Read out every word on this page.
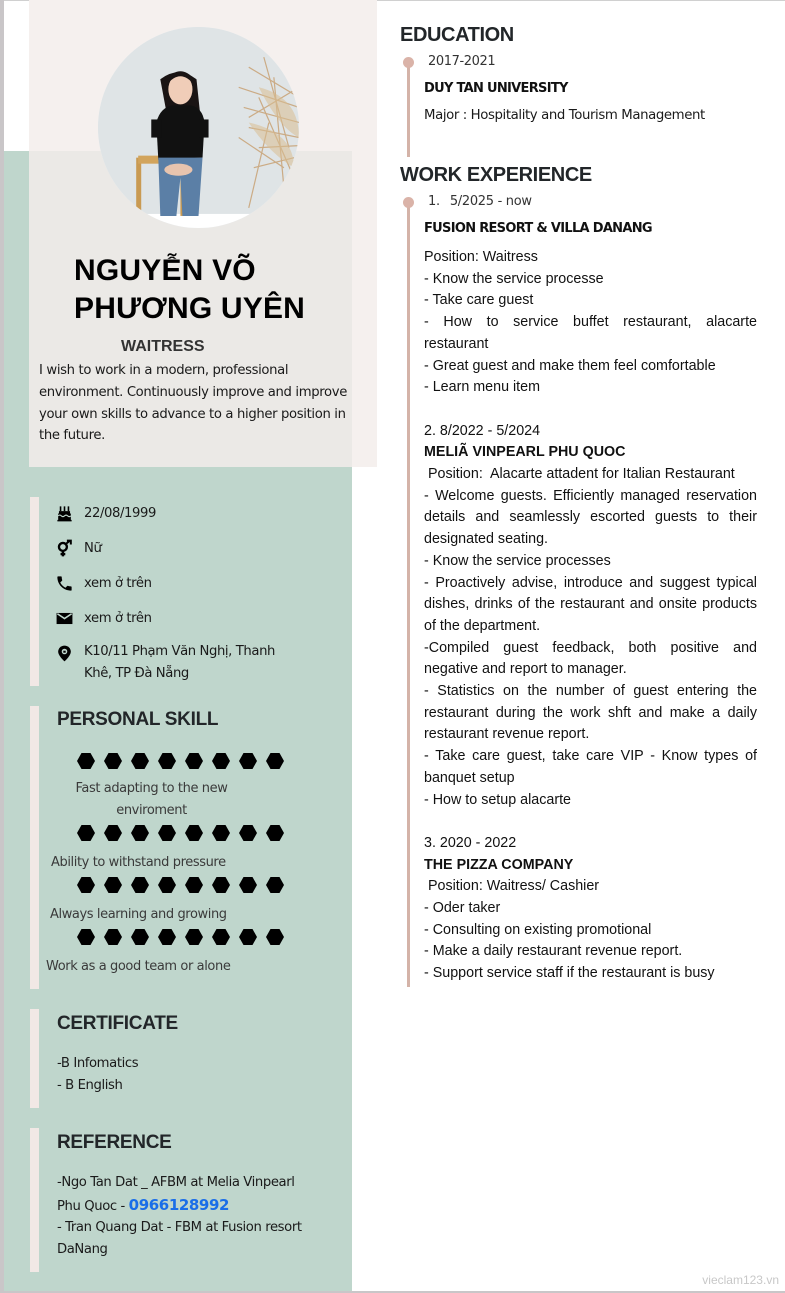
NGUYỄN VÕ
PHƯƠNG UYÊN
WAITRESS
I wish to work in a modern, professional environment. Continuously improve and improve your own skills to advance to a higher position in the future.
22/08/1999
Nữ
xem ở trên
xem ở trên
K10/11 Phạm Văn Nghị, Thanh
Khê, TP Đà Nẵng
PERSONAL SKILL
Fast adapting to the new
enviroment
Ability to withstand pressure
Always learning and growing
Work as a good team or alone
CERTIFICATE
-B Infomatics
- B English
REFERENCE
-Ngo Tan Dat _ AFBM at Melia Vinpearl
Phu Quoc - 0966128992
- Tran Quang Dat - FBM at Fusion resort
DaNang
EDUCATION
2017-2021
DUY TAN UNIVERSITY
Major : Hospitality and Tourism Management
WORK EXPERIENCE
1. 5/2025 - now
FUSION RESORT & VILLA DANANG
Position: Waitress
- Know the service processe
- Take care guest
- How to service buffet restaurant, alacarte restaurant
- Great guest and make them feel comfortable
- Learn menu item
2. 8/2022 - 5/2024
MELIÃ VINPEARL PHU QUOC
Position:  Alacarte attadent for Italian Restaurant
- Welcome guests. Efficiently managed reservation details and seamlessly escorted guests to their designated seating.
- Know the service processes
- Proactively advise, introduce and suggest typical dishes, drinks of the restaurant and onsite products of the department.
-Compiled guest feedback, both positive and negative and report to manager.
- Statistics on the number of guest entering the restaurant during the work shft and make a daily restaurant revenue report.
- Take care guest, take care VIP - Know types of banquet setup
- How to setup alacarte
3. 2020 - 2022
THE PIZZA COMPANY
Position: Waitress/ Cashier
- Oder taker
- Consulting on existing promotional
- Make a daily restaurant revenue report.
- Support service staff if the restaurant is busy
vieclam123.vn
